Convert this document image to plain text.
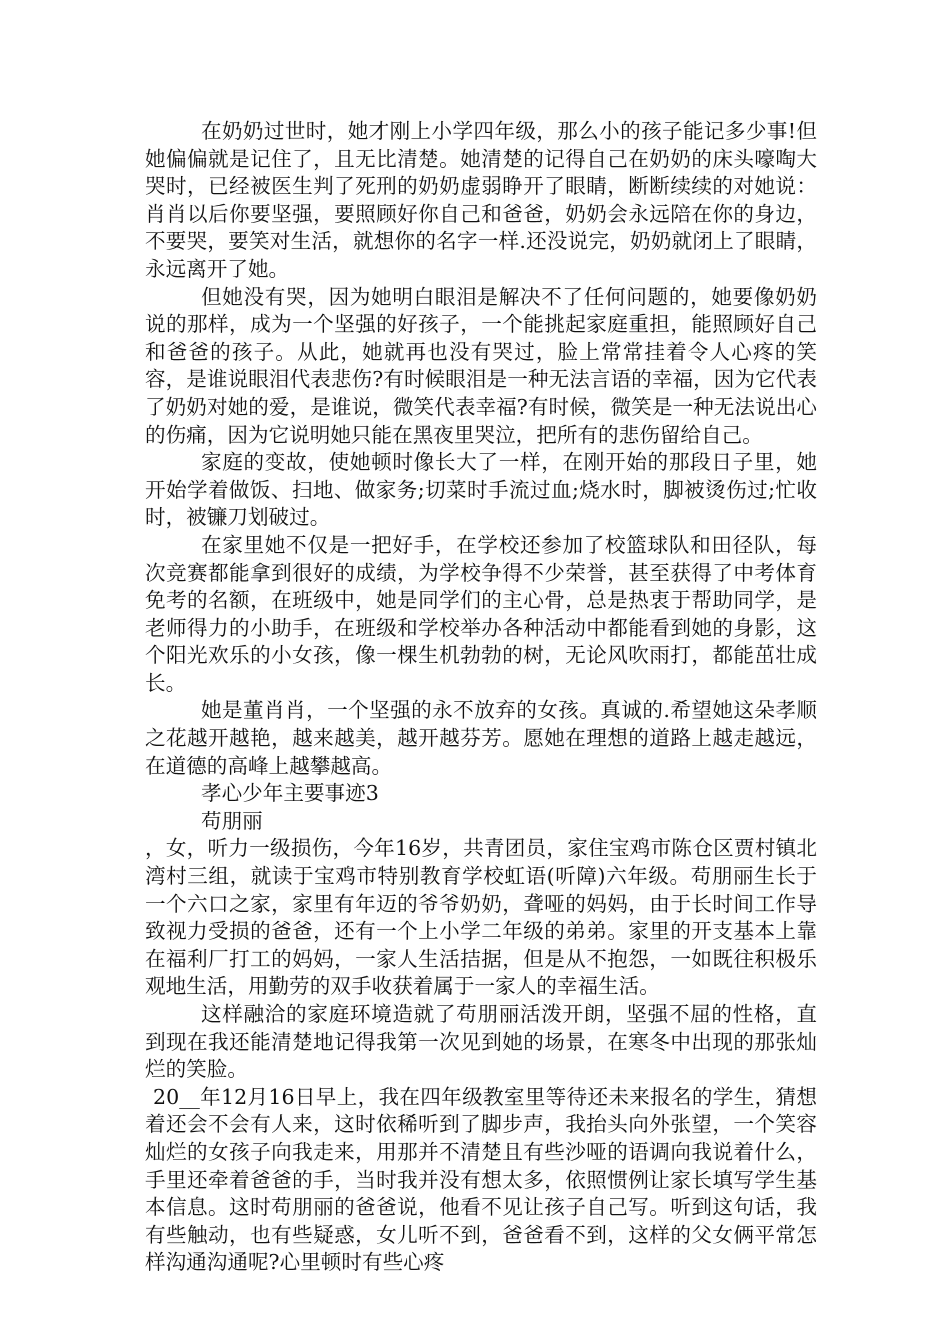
在奶奶过世时，她才刚上小学四年级，那么小的孩子能记多少事!但她偏偏就是记住了，且无比清楚。她清楚的记得自己在奶奶的床头嚎啕大哭时，已经被医生判了死刑的奶奶虚弱睁开了眼睛，断断续续的对她说：肖肖以后你要坚强，要照顾好你自己和爸爸，奶奶会永远陪在你的身边，不要哭，要笑对生活，就想你的名字一样.还没说完，奶奶就闭上了眼睛，永远离开了她。

但她没有哭，因为她明白眼泪是解决不了任何问题的，她要像奶奶说的那样，成为一个坚强的好孩子，一个能挑起家庭重担，能照顾好自己和爸爸的孩子。从此，她就再也没有哭过，脸上常常挂着令人心疼的笑容，是谁说眼泪代表悲伤?有时候眼泪是一种无法言语的幸福，因为它代表了奶奶对她的爱，是谁说，微笑代表幸福?有时候，微笑是一种无法说出心的伤痛，因为它说明她只能在黑夜里哭泣，把所有的悲伤留给自己。

家庭的变故，使她顿时像长大了一样，在刚开始的那段日子里，她开始学着做饭、扫地、做家务;切菜时手流过血;烧水时，脚被烫伤过;忙收时，被镰刀划破过。

在家里她不仅是一把好手，在学校还参加了校篮球队和田径队，每次竞赛都能拿到很好的成绩，为学校争得不少荣誉，甚至获得了中考体育免考的名额，在班级中，她是同学们的主心骨，总是热衷于帮助同学，是老师得力的小助手，在班级和学校举办各种活动中都能看到她的身影，这个阳光欢乐的小女孩，像一棵生机勃勃的树，无论风吹雨打，都能茁壮成长。

她是董肖肖，一个坚强的永不放弃的女孩。真诚的.希望她这朵孝顺之花越开越艳，越来越美，越开越芬芳。愿她在理想的道路上越走越远，在道德的高峰上越攀越高。

孝心少年主要事迹3

苟朋丽

，女，听力一级损伤，今年16岁，共青团员，家住宝鸡市陈仓区贾村镇北湾村三组，就读于宝鸡市特别教育学校虹语(听障)六年级。苟朋丽生长于一个六口之家，家里有年迈的爷爷奶奶，聋哑的妈妈，由于长时间工作导致视力受损的爸爸，还有一个上小学二年级的弟弟。家里的开支基本上靠在福利厂打工的妈妈，一家人生活拮据，但是从不抱怨，一如既往积极乐观地生活，用勤劳的双手收获着属于一家人的幸福生活。

这样融洽的家庭环境造就了苟朋丽活泼开朗，坚强不屈的性格，直到现在我还能清楚地记得我第一次见到她的场景，在寒冬中出现的那张灿烂的笑脸。

20__年12月16日早上，我在四年级教室里等待还未来报名的学生，猜想着还会不会有人来，这时依稀听到了脚步声，我抬头向外张望，一个笑容灿烂的女孩子向我走来，用那并不清楚且有些沙哑的语调向我说着什么，手里还牵着爸爸的手，当时我并没有想太多，依照惯例让家长填写学生基本信息。这时苟朋丽的爸爸说，他看不见让孩子自己写。听到这句话，我有些触动，也有些疑惑，女儿听不到，爸爸看不到，这样的父女俩平常怎样沟通沟通呢?心里顿时有些心疼
